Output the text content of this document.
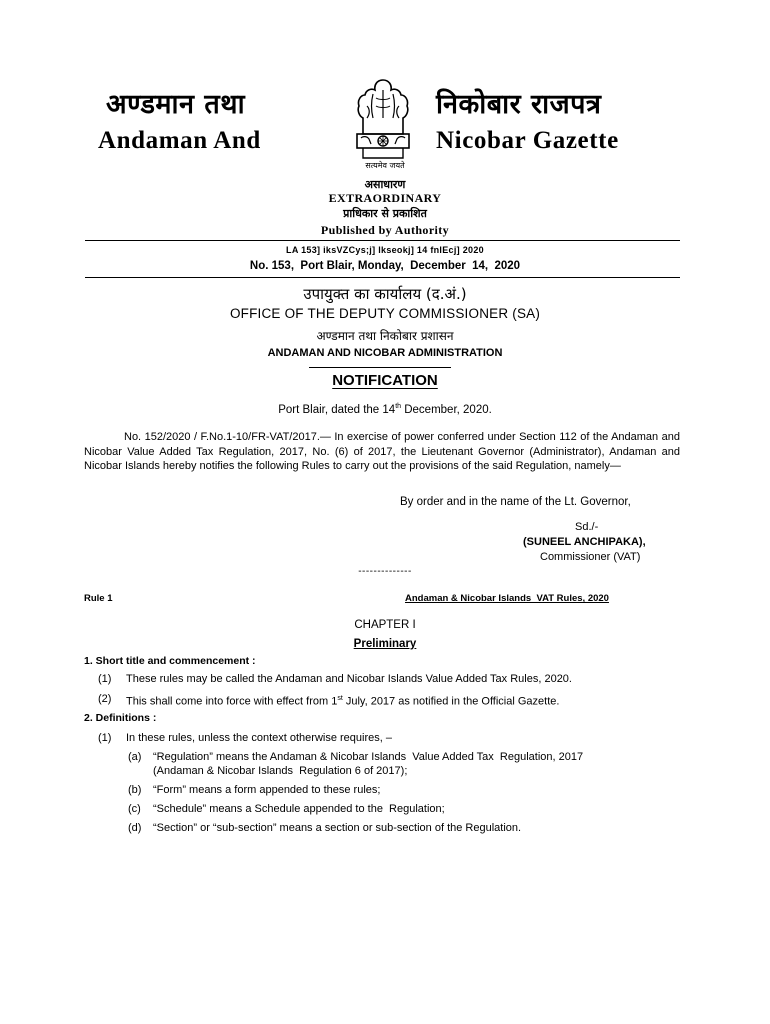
अण्डमान तथा	निकोबार राजपत्र
Andaman And	Nicobar Gazette
सत्यमेव जयते
असाधारण
EXTRAORDINARY
प्राधिकार से प्रकाशित
Published by Authority
LA 153] iksVZCys;j] lkseokj] 14 fnlEcj] 2020
No. 153,  Port Blair, Monday,  December  14,  2020
उपायुक्त का कार्यालय (द.अं.)
OFFICE OF THE DEPUTY COMMISSIONER (SA)
अण्डमान तथा निकोबार प्रशासन
ANDAMAN AND NICOBAR ADMINISTRATION
NOTIFICATION
Port Blair, dated the 14th December, 2020.
No. 152/2020 / F.No.1-10/FR-VAT/2017.— In exercise of power conferred under Section 112 of the Andaman and Nicobar Value Added Tax Regulation, 2017, No. (6) of 2017, the Lieutenant Governor (Administrator), Andaman and Nicobar Islands hereby notifies the following Rules to carry out the provisions of the said Regulation, namely—
By order and in the name of the Lt. Governor,
Sd./-
(SUNEEL ANCHIPAKA),
Commissioner (VAT)
--------------
Rule 1	Andaman & Nicobar Islands  VAT Rules, 2020
CHAPTER I
Preliminary
1. Short title and commencement :
(1) These rules may be called the Andaman and Nicobar Islands Value Added Tax Rules, 2020.
(2) This shall come into force with effect from 1st July, 2017 as notified in the Official Gazette.
2. Definitions :
(1) In these rules, unless the context otherwise requires, –
(a) “Regulation” means the Andaman & Nicobar Islands  Value Added Tax  Regulation, 2017
(Andaman & Nicobar Islands  Regulation 6 of 2017);
(b) “Form” means a form appended to these rules;
(c) “Schedule” means a Schedule appended to the  Regulation;
(d) “Section” or “sub-section” means a section or sub-section of the Regulation.
